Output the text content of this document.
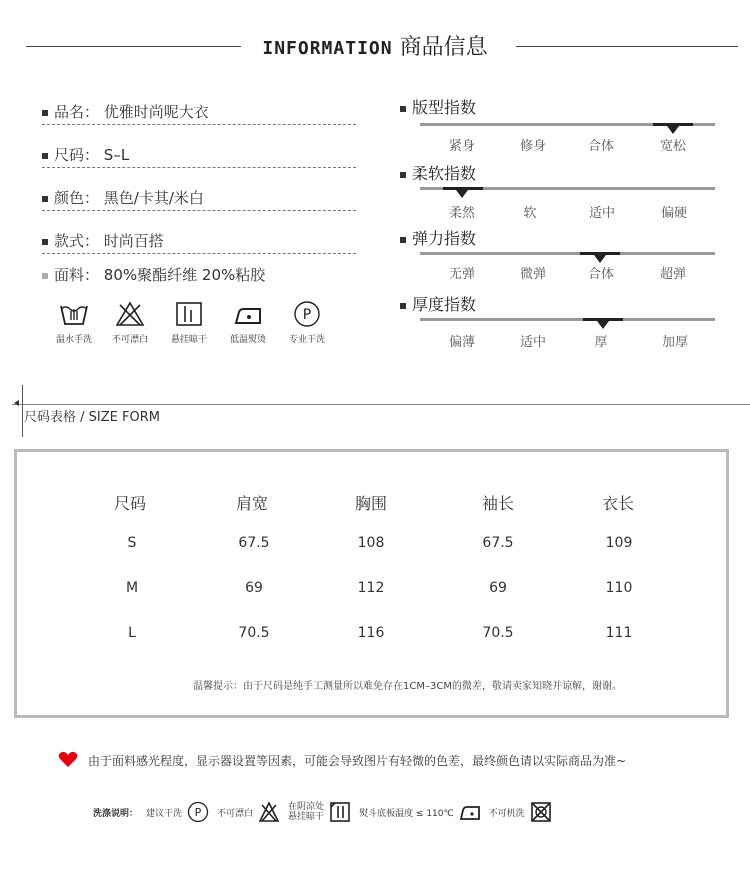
INFORMATION 商品信息
品名： 优雅时尚呢大衣
尺码： S–L
颜色： 黑色/卡其/米白
款式： 时尚百搭
面料： 80%聚酯纤维 20%粘胶
温水手洗	不可漂白	悬挂晾干	低温熨烫
P
专业干洗
版型指数
紧身	修身	合体	宽松
柔软指数
柔然	软	适中	偏硬
弹力指数
无弹	微弹	合体	超弹
厚度指数
偏薄	适中	厚	加厚
尺码表格 / SIZE FORM
尺码	肩宽	胸围	袖长	衣长
S	67.5	108	67.5	109
M	69	112	69	110
L	70.5	116	70.5	111
温馨提示：由于尺码是纯手工测量所以难免存在1CM–3CM的微差，敬请卖家知晓并谅解，谢谢。
由于面料感光程度，显示器设置等因素，可能会导致图片有轻微的色差，最终颜色请以实际商品为准~
洗涤说明： 建议干洗 P 不可漂白
在阴凉处
悬挂晾干	熨斗底板温度 ≤ 110℃	不可机洗
